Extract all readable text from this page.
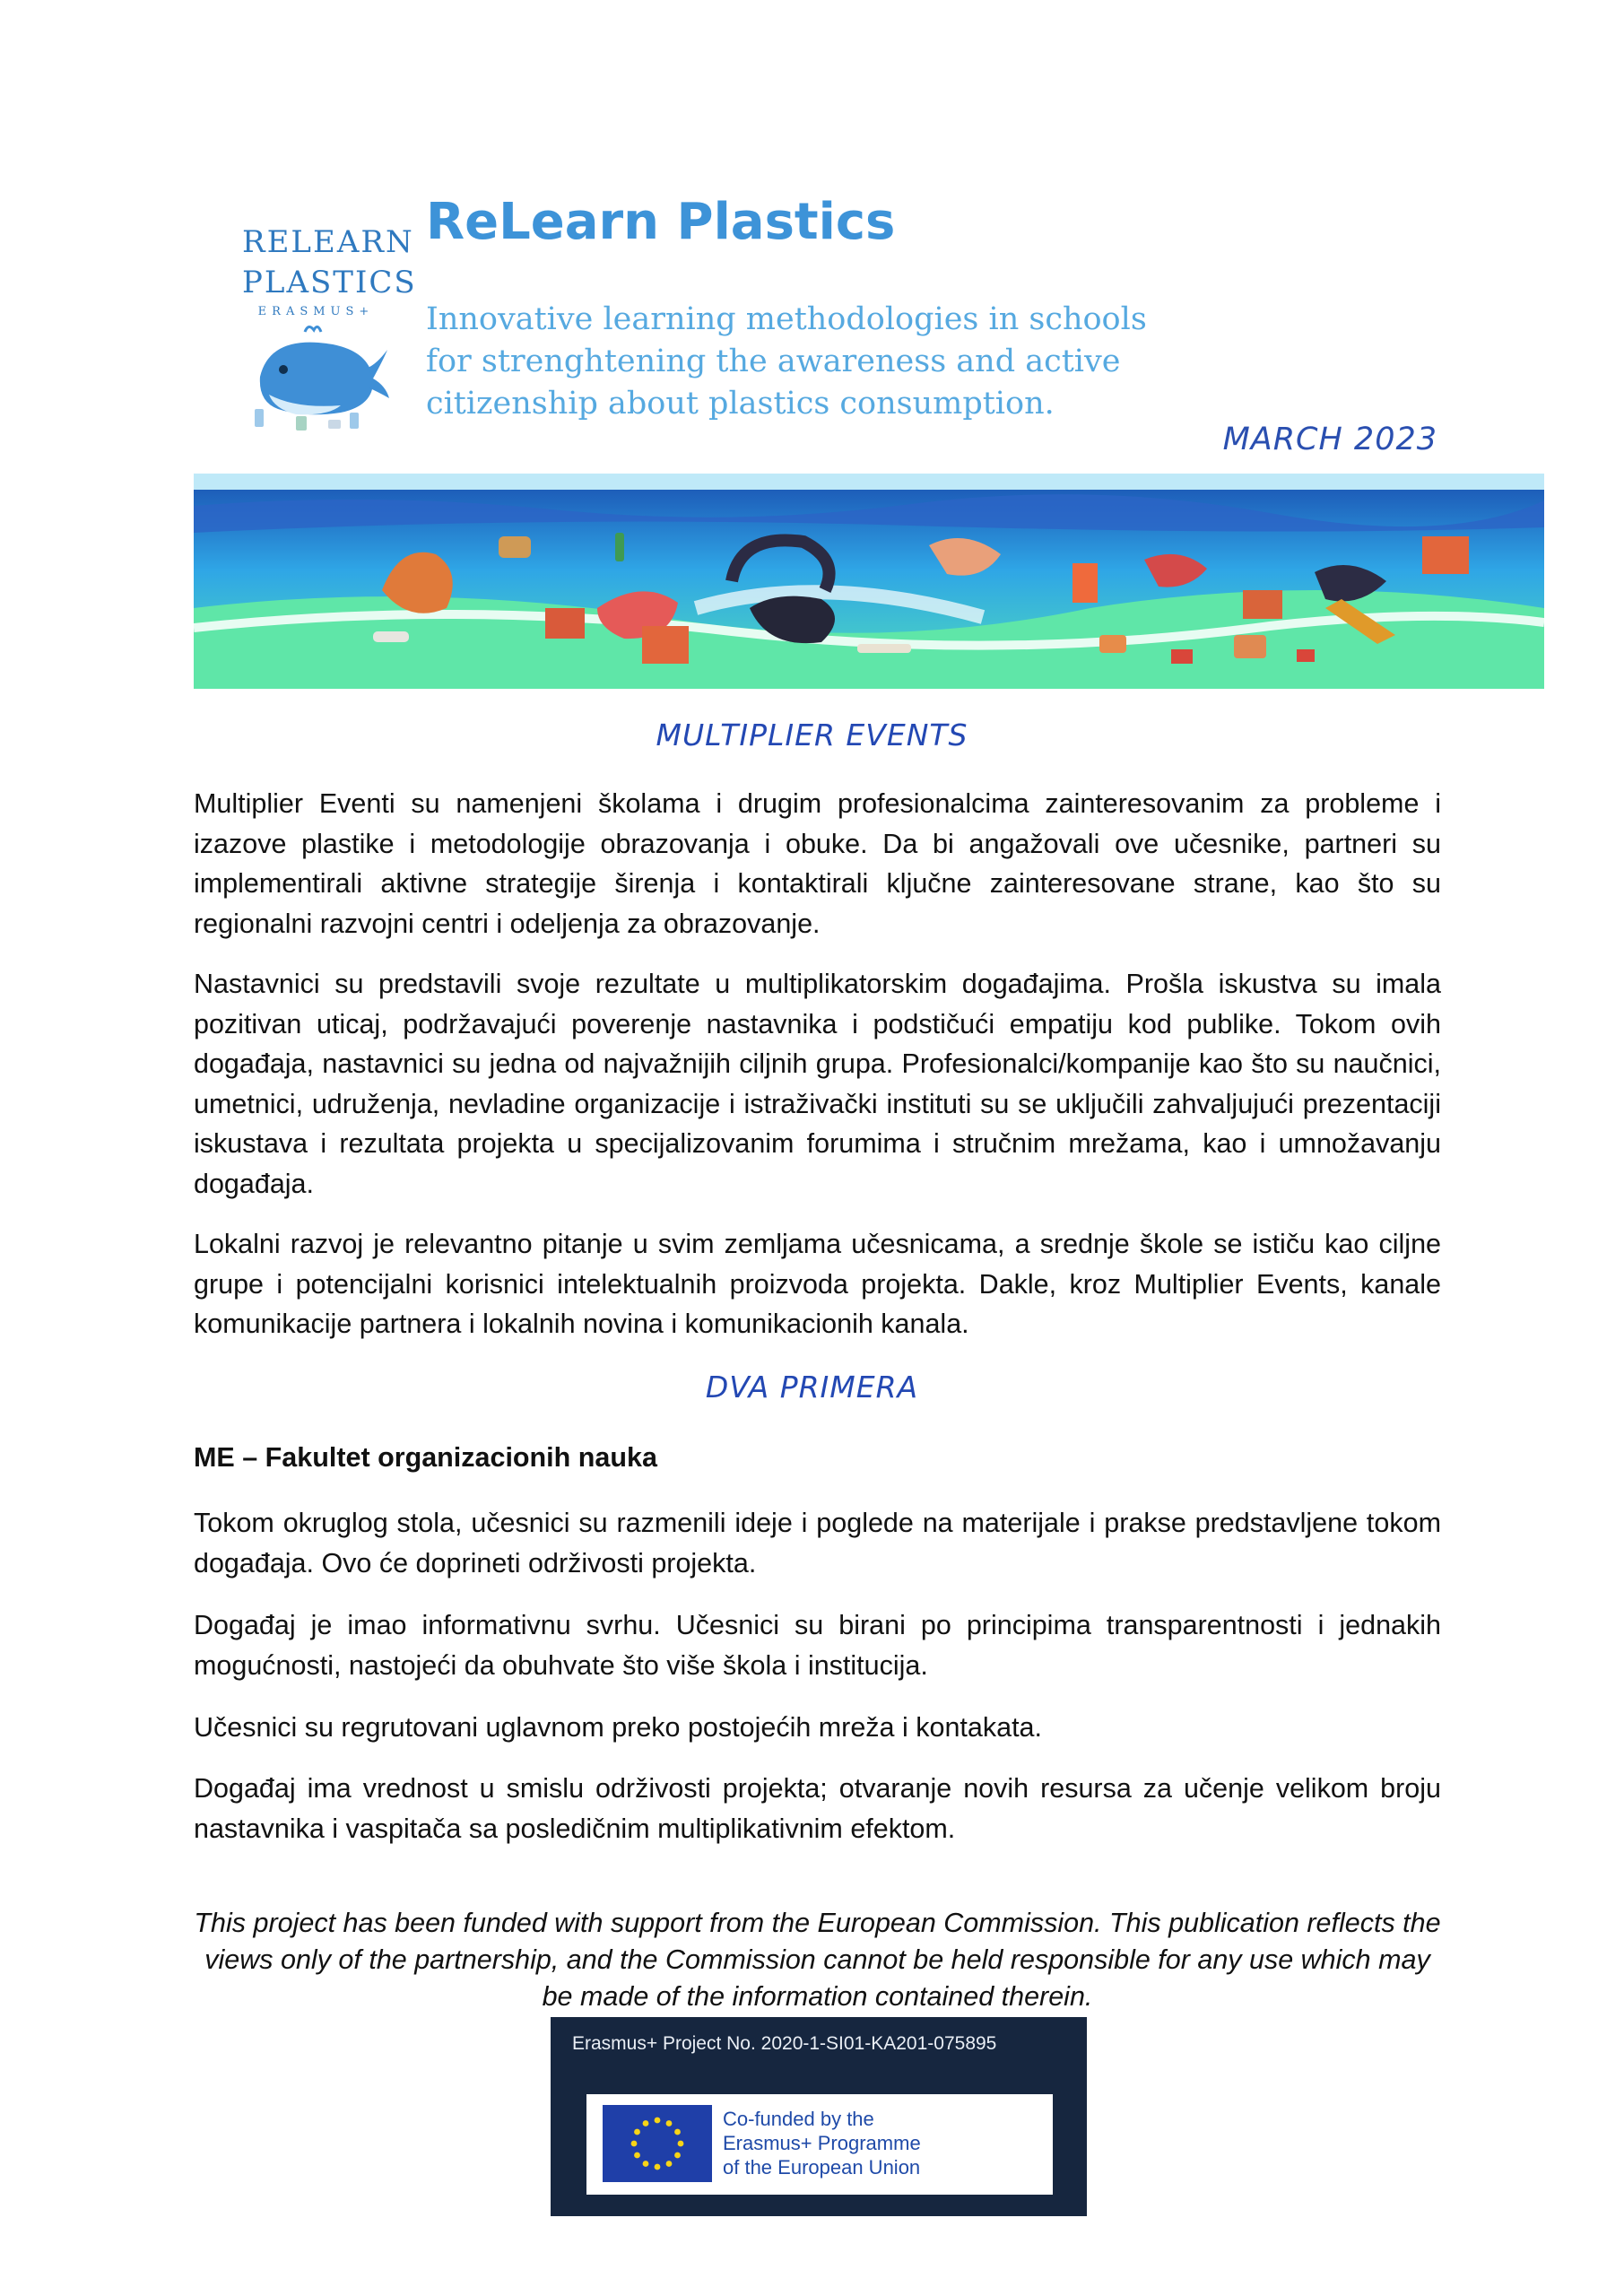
RELEARN
PLASTICS
ERASMUS+
ReLearn Plastics
Innovative learning methodologies in schools
for strenghtening the awareness and active
citizenship about plastics consumption.
MARCH 2023
MULTIPLIER EVENTS

Multiplier Eventi su namenjeni školama i drugim profesionalcima zainteresovanim za probleme i izazove plastike i metodologije obrazovanja i obuke. Da bi angažovali ove učesnike, partneri su implementirali aktivne strategije širenja i kontaktirali ključne zainteresovane strane, kao što su regionalni razvojni centri i odeljenja za obrazovanje.

Nastavnici su predstavili svoje rezultate u multiplikatorskim događajima. Prošla iskustva su imala pozitivan uticaj, podržavajući poverenje nastavnika i podstičući empatiju kod publike. Tokom ovih događaja, nastavnici su jedna od najvažnijih ciljnih grupa. Profesionalci/kompanije kao što su naučnici, umetnici, udruženja, nevladine organizacije i istraživački instituti su se uključili zahvaljujući prezentaciji iskustava i rezultata projekta u specijalizovanim forumima i stručnim mrežama, kao i umnožavanju događaja.

Lokalni razvoj je relevantno pitanje u svim zemljama učesnicama, a srednje škole se ističu kao ciljne grupe i potencijalni korisnici intelektualnih proizvoda projekta. Dakle, kroz Multiplier Events, kanale komunikacije partnera i lokalnih novina i komunikacionih kanala.

DVA PRIMERA
ME – Fakultet organizacionih nauka

Tokom okruglog stola, učesnici su razmenili ideje i poglede na materijale i prakse predstavljene tokom događaja. Ovo će doprineti održivosti projekta.

Događaj je imao informativnu svrhu. Učesnici su birani po principima transparentnosti i jednakih mogućnosti, nastojeći da obuhvate što više škola i institucija.

Učesnici su regrutovani uglavnom preko postojećih mreža i kontakata.

Događaj ima vrednost u smislu održivosti projekta; otvaranje novih resursa za učenje velikom broju nastavnika i vaspitača sa posledičnim multiplikativnim efektom.

This project has been funded with support from the European Commission. This publication reflects the views only of the partnership, and the Commission cannot be held responsible for any use which may be made of the information contained therein.

Erasmus+ Project No. 2020-1-SI01-KA201-075895
Co-funded by the
Erasmus+ Programme
of the European Union
